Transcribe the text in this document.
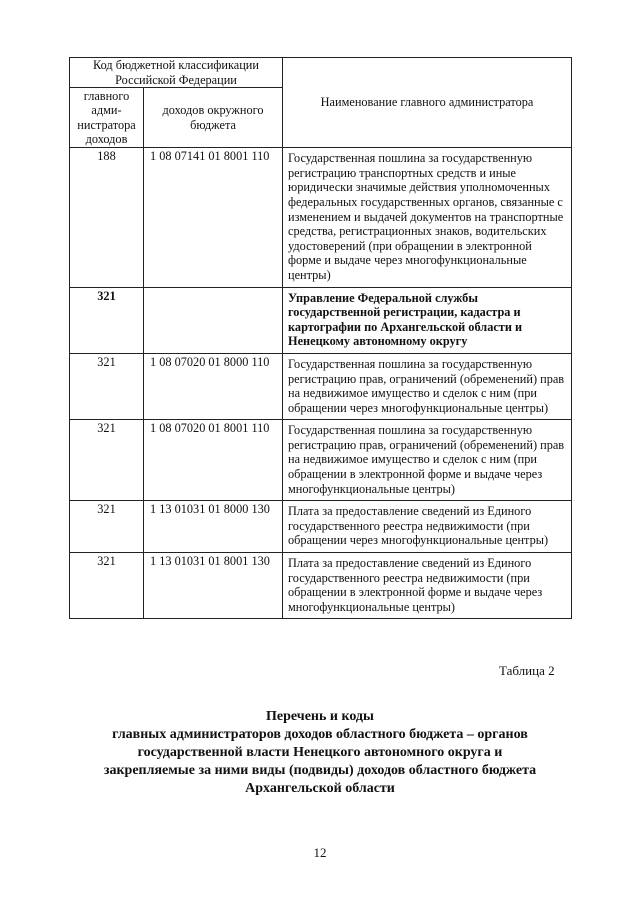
Код бюджетной классификации Российской Федерации		Наименование главного администратора
главного адми-нистратора доходов	доходов окружного бюджета	
188	1 08 07141 01 8001 110	Государственная пошлина за государственную регистрацию транспортных средств и иные юридически значимые действия уполномоченных федеральных государственных органов, связанные с изменением и выдачей документов на транспортные средства, регистрационных знаков, водительских удостоверений (при обращении в электронной форме и выдаче через многофункциональные центры)
321		Управление Федеральной службы государственной регистрации, кадастра и картографии по Архангельской области и Ненецкому автономному округу
321	1 08 07020 01 8000 110	Государственная пошлина за государственную регистрацию прав, ограничений (обременений) прав на недвижимое имущество и сделок с ним (при обращении через многофункциональные центры)
321	1 08 07020 01 8001 110	Государственная пошлина за государственную регистрацию прав, ограничений (обременений) прав на недвижимое имущество и сделок с ним (при обращении в электронной форме и выдаче через многофункциональные центры)
321	1 13 01031 01 8000 130	Плата за предоставление сведений из Единого государственного реестра недвижимости (при обращении через многофункциональные центры)
321	1 13 01031 01 8001 130	Плата за предоставление сведений из Единого государственного реестра недвижимости (при обращении в электронной форме и выдаче через многофункциональные центры)
Таблица 2
Перечень и коды
главных администраторов доходов областного бюджета – органов
государственной власти Ненецкого автономного округа и
закрепляемые за ними виды (подвиды) доходов областного бюджета
Архангельской области
12
